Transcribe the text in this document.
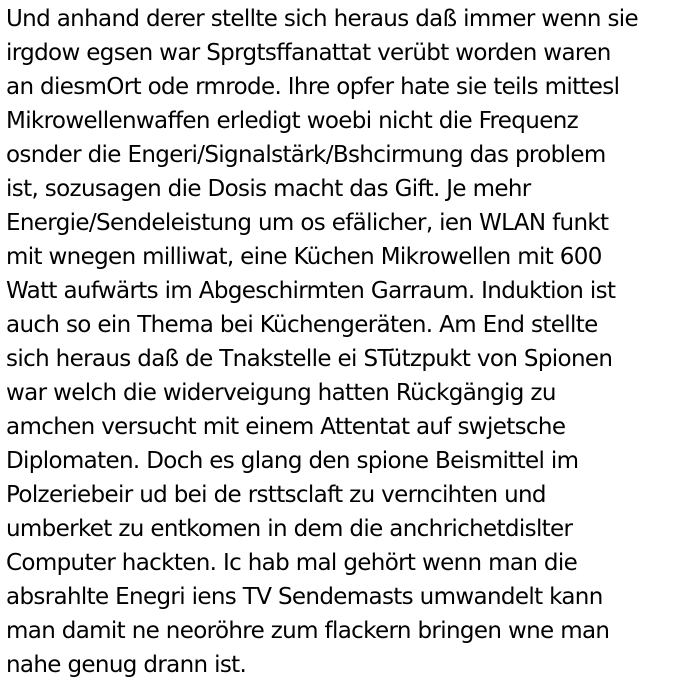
Und anhand derer stellte sich heraus daß immer wenn sie
irgdow egsen war Sprgtsffanattat verübt worden waren
an diesmOrt ode rmrode. Ihre opfer hate sie teils mittesl
Mikrowellenwaffen erledigt woebi nicht die Frequenz
osnder die Engeri/Signalstärk/Bshcirmung das problem
ist, sozusagen die Dosis macht das Gift. Je mehr
Energie/Sendeleistung um os efälicher, ien WLAN funkt
mit wnegen milliwat, eine Küchen Mikrowellen mit 600
Watt aufwärts im Abgeschirmten Garraum. Induktion ist
auch so ein Thema bei Küchengeräten. Am End stellte
sich heraus daß de Tnakstelle ei STützpukt von Spionen
war welch die widerveigung hatten Rückgängig zu
amchen versucht mit einem Attentat auf swjetsche
Diplomaten. Doch es glang den spione Beismittel im
Polzeriebeir ud bei de rsttsclaft zu verncihten und
umberket zu entkomen in dem die anchrichetdislter
Computer hackten. Ic hab mal gehört wenn man die
absrahlte Enegri iens TV Sendemasts umwandelt kann
man damit ne neoröhre zum flackern bringen wne man
nahe genug drann ist.
